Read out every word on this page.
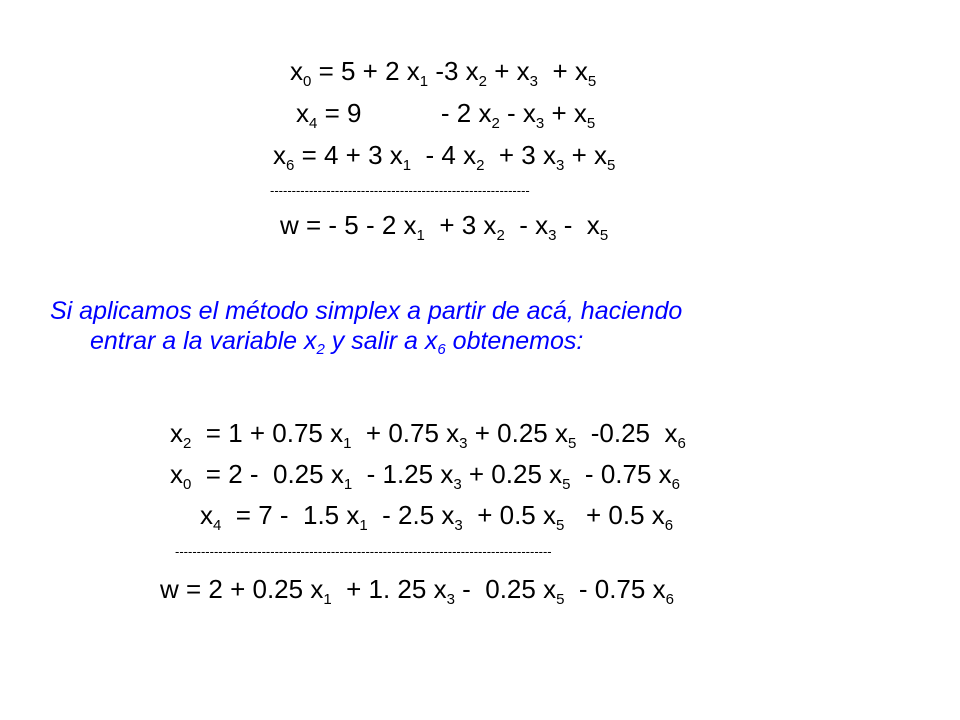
$x_0 = 5 + 2$ $x_1$ -3 $x_2 + x_3 + x_5$
$x_4 = 9$           - 2 $x_2 - x_3 + x_5$
$x_6 = 4 + 3$ $x_1 - 4$ $x_2 + 3$ $x_3 + x_5$
------------------------------------------------------------
w = - 5 - 2 $x_1 + 3$ $x_2 - x_3 - x_5$
Si aplicamos el método simplex a partir de acá, haciendo
entrar a la variable $x_2$ y salir a $x_6$ obtenemos:
$x_2 = 1 + 0.75$ $x_1 + 0.75$ $x_3 + 0.25$ $x_5$  -0.25  $x_6$
$x_0 = 2 - 0.25$ $x_1 - 1.25$ $x_3 + 0.25$ $x_5 - 0.75$ $x_6$
$x_4 = 7 - 1.5$ $x_1 - 2.5$ $x_3 + 0.5$ $x_5 + 0.5$ $x_6$
---------------------------------------------------------------------------------------
w = 2 + 0.25 $x_1 + 1$. 25 $x_3 - 0.25$ $x_5 - 0.75$ $x_6$
